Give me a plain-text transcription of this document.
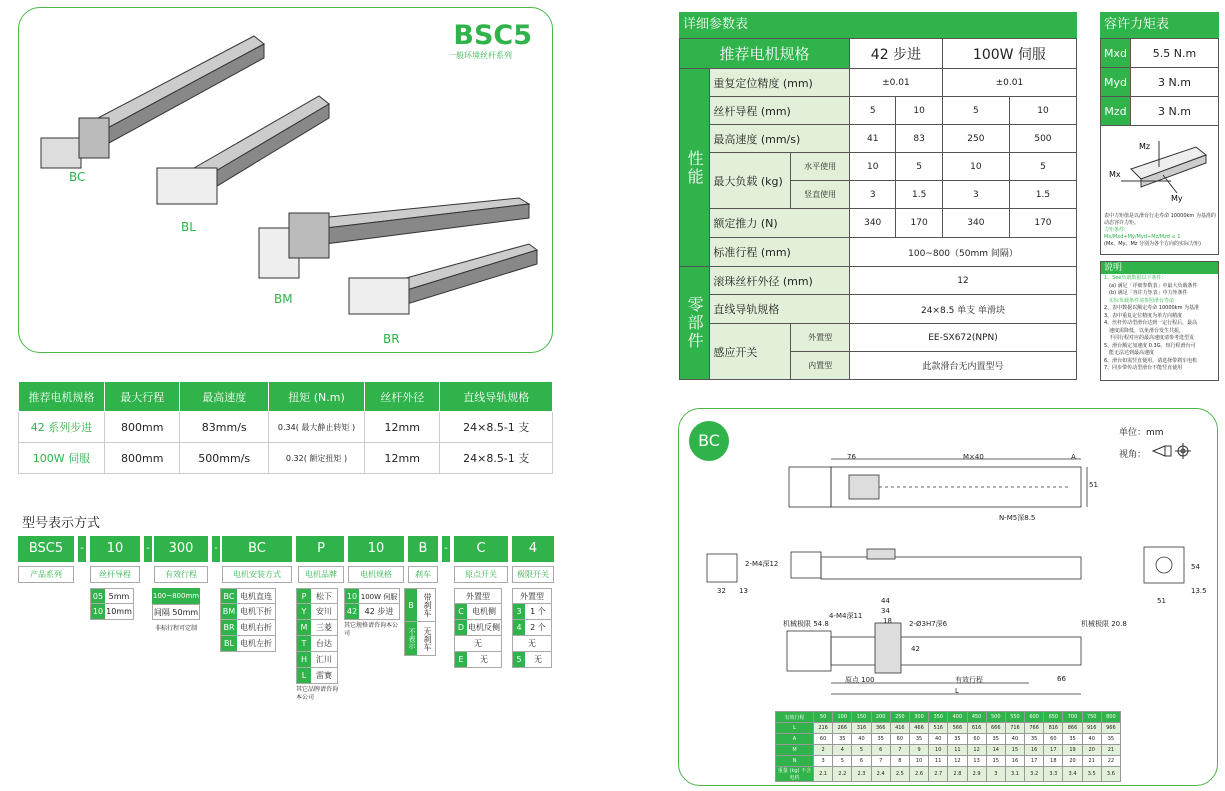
BSC5
一般环境丝杆系列
BC
BL
BM
BR
推荐电机规格	最大行程	最高速度	扭矩 (N.m)	丝杆外径	直线导轨规格
42 系列步进	800mm	83mm/s	0.34( 最大静止转矩 )	12mm	24×8.5-1 支
100W 伺服	800mm	500mm/s	0.32( 额定扭矩 )	12mm	24×8.5-1 支
型号表示方式
BSC5	-	10	-	300	-	BC	P	10	B	-	C	4
产品系列	丝杆导程	有效行程	电机安装方式	电机品牌	电机规格	刹车	原点开关	极限开关
05 5mm
10 10mm
100~800mm
间隔 50mm
非标行程可定制
BC 电机直连
BM 电机下折
BR 电机右折
BL 电机左折
P	松下
Y	安川
M	三菱
T	台达
H	汇川
L	雷赛
其它品牌请咨询本公司
10 100W 伺服
42 42 步进
其它规格请咨询本公司
B	带刹车
不表示 无刹车
外置型
C	电机侧
D 电机反侧
无
E	无
外置型
3	1 个
4	2 个
无
5	无
详细参数表
推荐电机规格			42 步进		100W 伺服	
性能	重复定位精度 (mm)		±0.01		±0.01	
	丝杆导程 (mm)		5	10	5	10
	最高速度 (mm/s)		41	83	250	500
	最大负载 (kg)	水平使用	10	5	10	5
		竖直使用	3	1.5	3	1.5
	额定推力 (N)		340	170	340	170
	标准行程 (mm)		100~800（50mm 间隔）			
零部件	滚珠丝杆外径 (mm)		12			
	直线导轨规格		24×8.5 单支 单滑块			
	感应开关	外置型	EE-SX672(NPN)			
		内置型	此款滑台无内置型号			
容许力矩表
Mxd	5.5 N.m
Myd	3 N.m
Mzd	3 N.m
Mz
Mx
My
表中力矩值是以滑台行走寿命 10000km 为基准的动态容许力矩。
力矩条件:
Mx/Mxd+My/Myd+Mz/Mzd ≤ 1
(Mx、My、Mz 分别为各个方向的实际力矩)
说明
1、See负载数据以下条件：
(a) 满足「详细参数表」中最大负载条件
(b) 满足「容许力矩表」中力矩条件
实际负载条件请参照滑台寿命
2、表中数据以额定寿命 10000km 为基准
3、表中重复定位精度为单方向精度
4、丝杆传动型滑台达到一定行程后，最高
速度需降低，以免滑台发生共振，
不同行程对应的最高速度请参考选型页
5、滑台额定加速度 0.3G，短行程滑台可
能无法达到最高速度
6、滑台如需竖直使用，请选择带刹车电机
7、同步带传动型滑台不能竖直使用
BC	单位：mm
视角：
76	M×40	A
51
N-M5深8.5
2-M4深12
32 13
54
51
13.5
44
34
18
4-M4深11
2-Ø3H7深6
机械极限 54.8	机械极限 20.8
42
原点 100	有效行程	66
L
有效行程	50	100	150	200	250	300	350	400	450	500	550	600	650	700	750	800
L	216	266	316	366	416	466	516	566	616	666	716	766	816	866	916	966
A	60	35	40	35	60	35	40	35	60	35	40	35	60	35	40	35
M	2	4	5	6	7	9	10	11	12	14	15	16	17	19	20	21
N	3	5	6	7	8	10	11	12	13	15	16	17	18	20	21	22
重量 (kg) 不含电机	2.1	2.2	2.3	2.4	2.5	2.6	2.7	2.8	2.9	3	3.1	3.2	3.3	3.4	3.5	3.6
